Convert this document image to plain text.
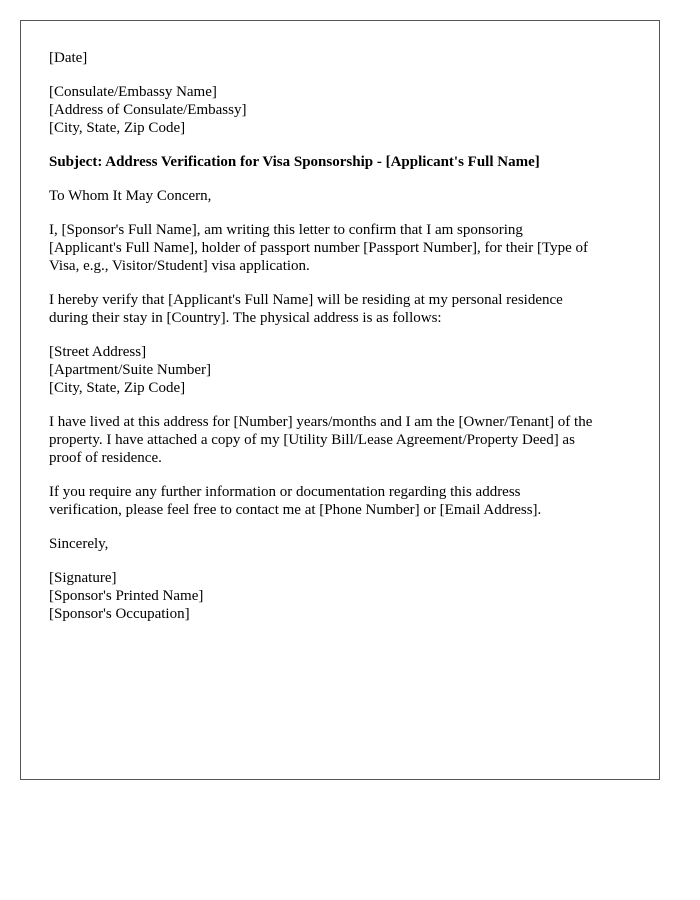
[Date]
[Consulate/Embassy Name]
[Address of Consulate/Embassy]
[City, State, Zip Code]
Subject: Address Verification for Visa Sponsorship - [Applicant's Full Name]
To Whom It May Concern,
I, [Sponsor's Full Name], am writing this letter to confirm that I am sponsoring
[Applicant's Full Name], holder of passport number [Passport Number], for their [Type of
Visa, e.g., Visitor/Student] visa application.
I hereby verify that [Applicant's Full Name] will be residing at my personal residence
during their stay in [Country]. The physical address is as follows:
[Street Address]
[Apartment/Suite Number]
[City, State, Zip Code]
I have lived at this address for [Number] years/months and I am the [Owner/Tenant] of the
property. I have attached a copy of my [Utility Bill/Lease Agreement/Property Deed] as
proof of residence.
If you require any further information or documentation regarding this address
verification, please feel free to contact me at [Phone Number] or [Email Address].
Sincerely,
[Signature]
[Sponsor's Printed Name]
[Sponsor's Occupation]
